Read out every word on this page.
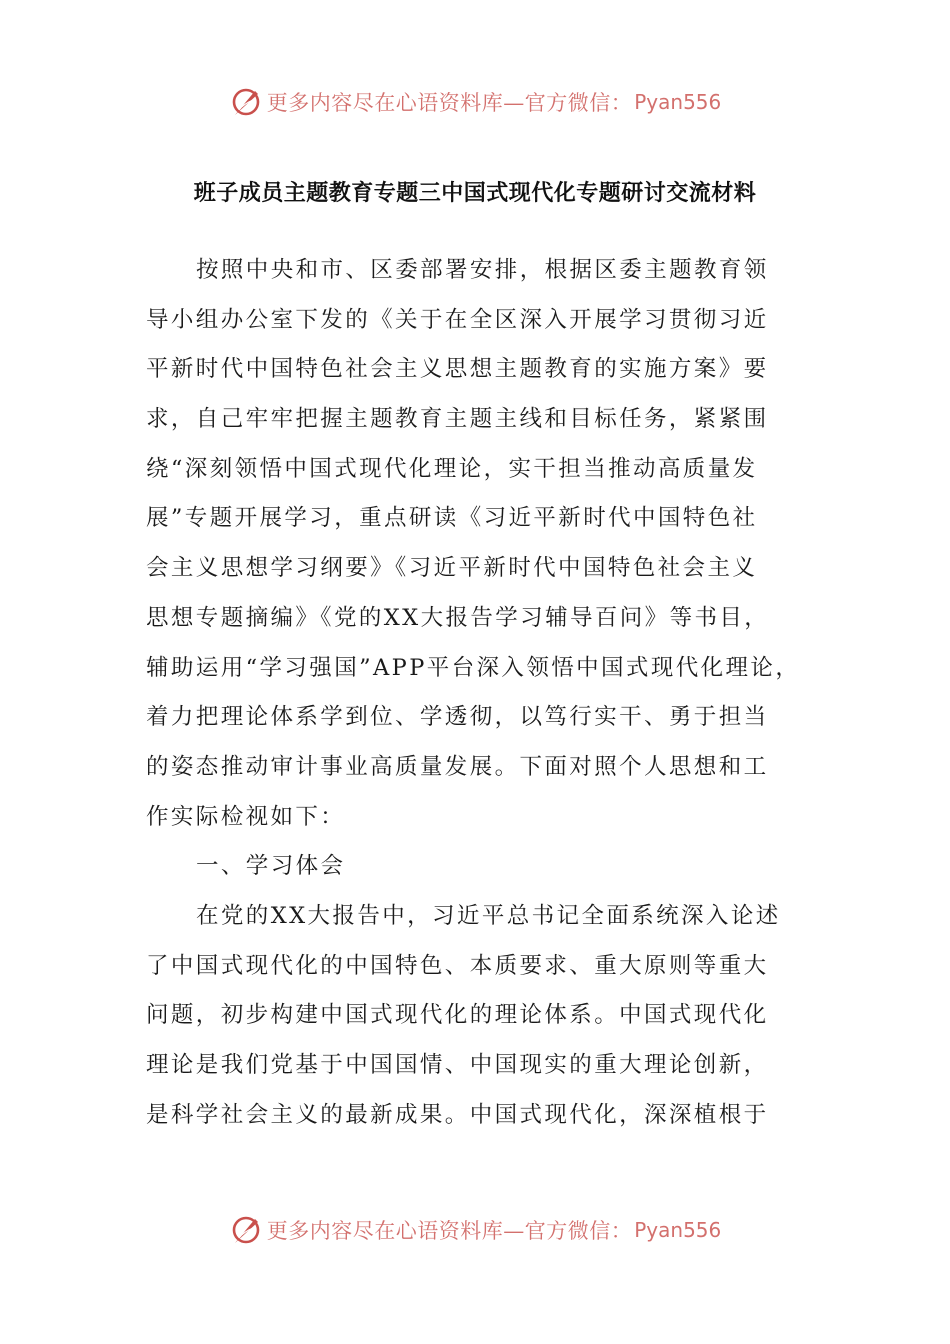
更多内容尽在心语资料库—官方微信： Pyan556
班子成员主题教育专题三中国式现代化专题研讨交流材料
按照中央和市、区委部署安排，根据区委主题教育领
导小组办公室下发的《关于在全区深入开展学习贯彻习近
平新时代中国特色社会主义思想主题教育的实施方案》要
求，自己牢牢把握主题教育主题主线和目标任务，紧紧围
绕“深刻领悟中国式现代化理论，实干担当推动高质量发
展”专题开展学习，重点研读《习近平新时代中国特色社
会主义思想学习纲要》《习近平新时代中国特色社会主义
思想专题摘编》《党的XX大报告学习辅导百问》等书目，
辅助运用“学习强国”APP平台深入领悟中国式现代化理论，
着力把理论体系学到位、学透彻，以笃行实干、勇于担当
的姿态推动审计事业高质量发展。下面对照个人思想和工
作实际检视如下：
一、学习体会
在党的XX大报告中，习近平总书记全面系统深入论述
了中国式现代化的中国特色、本质要求、重大原则等重大
问题，初步构建中国式现代化的理论体系。中国式现代化
理论是我们党基于中国国情、中国现实的重大理论创新，
是科学社会主义的最新成果。中国式现代化，深深植根于
更多内容尽在心语资料库—官方微信： Pyan556
